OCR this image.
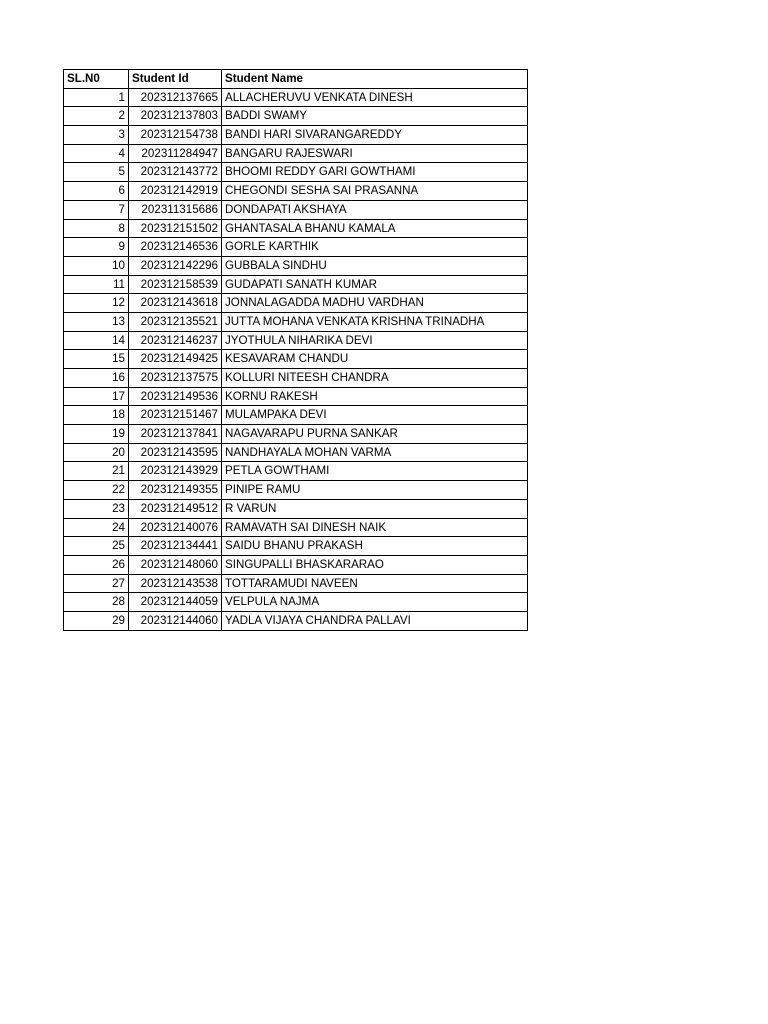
SL.N0	Student Id	Student Name
1	202312137665	ALLACHERUVU VENKATA DINESH
2	202312137803	BADDI SWAMY
3	202312154738	BANDI HARI SIVARANGAREDDY
4	202311284947	BANGARU RAJESWARI
5	202312143772	BHOOMI REDDY GARI GOWTHAMI
6	202312142919	CHEGONDI SESHA SAI PRASANNA
7	202311315686	DONDAPATI AKSHAYA
8	202312151502	GHANTASALA BHANU KAMALA
9	202312146536	GORLE KARTHIK
10	202312142296	GUBBALA SINDHU
11	202312158539	GUDAPATI SANATH KUMAR
12	202312143618	JONNALAGADDA MADHU VARDHAN
13	202312135521	JUTTA MOHANA VENKATA KRISHNA TRINADHA
14	202312146237	JYOTHULA NIHARIKA DEVI
15	202312149425	KESAVARAM CHANDU
16	202312137575	KOLLURI NITEESH CHANDRA
17	202312149536	KORNU RAKESH
18	202312151467	MULAMPAKA DEVI
19	202312137841	NAGAVARAPU PURNA SANKAR
20	202312143595	NANDHAYALA MOHAN VARMA
21	202312143929	PETLA GOWTHAMI
22	202312149355	PINIPE RAMU
23	202312149512	R VARUN
24	202312140076	RAMAVATH SAI DINESH NAIK
25	202312134441	SAIDU BHANU PRAKASH
26	202312148060	SINGUPALLI BHASKARARAO
27	202312143538	TOTTARAMUDI NAVEEN
28	202312144059	VELPULA NAJMA
29	202312144060	YADLA VIJAYA CHANDRA PALLAVI
